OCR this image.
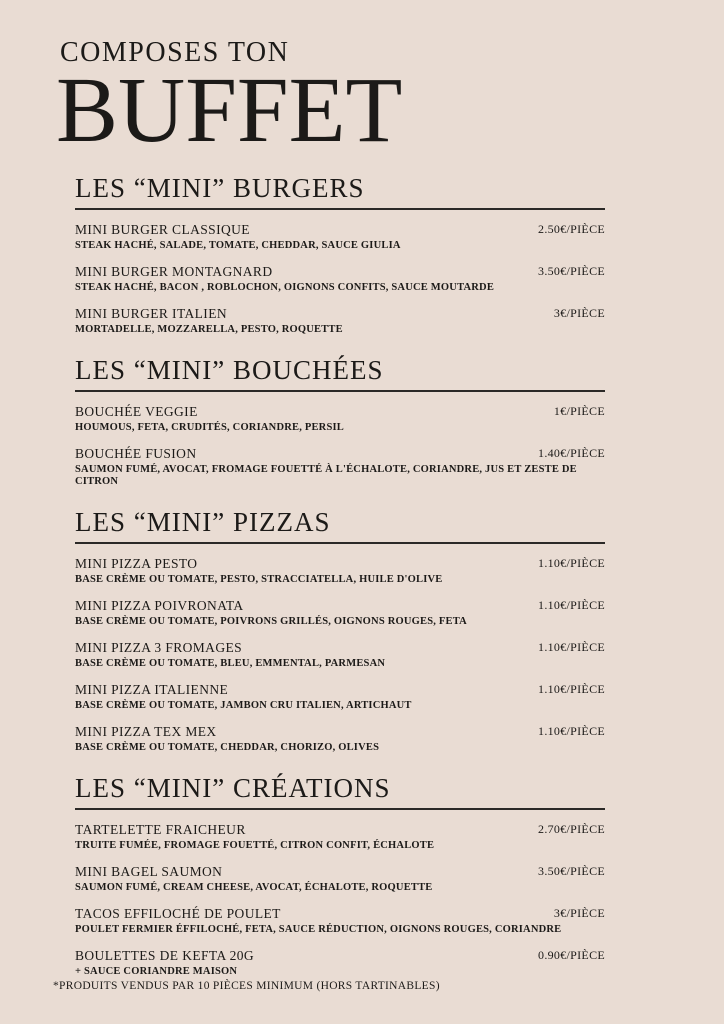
COMPOSES TON
BUFFET
LES “MINI” BURGERS
MINI BURGER CLASSIQUE	2.50€/PIÈCE
STEAK HACHÉ, SALADE, TOMATE, CHEDDAR, SAUCE GIULIA
MINI BURGER MONTAGNARD	3.50€/PIÈCE
STEAK HACHÉ, BACON , ROBLOCHON, OIGNONS CONFITS, SAUCE MOUTARDE
MINI BURGER ITALIEN	3€/PIÈCE
MORTADELLE, MOZZARELLA, PESTO, ROQUETTE
LES “MINI” BOUCHÉES
BOUCHÉE VEGGIE	1€/PIÈCE
HOUMOUS, FETA, CRUDITÉS, CORIANDRE, PERSIL
BOUCHÉE FUSION	1.40€/PIÈCE
SAUMON FUMÉ, AVOCAT, FROMAGE FOUETTÉ À L'ÉCHALOTE, CORIANDRE, JUS ET ZESTE DE CITRON
LES “MINI” PIZZAS
MINI PIZZA PESTO	1.10€/PIÈCE
BASE CRÈME OU TOMATE, PESTO, STRACCIATELLA, HUILE D'OLIVE
MINI PIZZA POIVRONATA	1.10€/PIÈCE
BASE CRÈME OU TOMATE, POIVRONS GRILLÉS, OIGNONS ROUGES, FETA
MINI PIZZA 3 FROMAGES	1.10€/PIÈCE
BASE CRÈME OU TOMATE, BLEU, EMMENTAL, PARMESAN
MINI PIZZA ITALIENNE	1.10€/PIÈCE
BASE CRÈME OU TOMATE, JAMBON CRU ITALIEN, ARTICHAUT
MINI PIZZA TEX MEX	1.10€/PIÈCE
BASE CRÈME OU TOMATE, CHEDDAR, CHORIZO, OLIVES
LES “MINI” CRÉATIONS
TARTELETTE FRAICHEUR	2.70€/PIÈCE
TRUITE FUMÉE, FROMAGE FOUETTÉ, CITRON CONFIT, ÉCHALOTE
MINI BAGEL SAUMON	3.50€/PIÈCE
SAUMON FUMÉ, CREAM CHEESE, AVOCAT, ÉCHALOTE, ROQUETTE
TACOS EFFILOCHÉ DE POULET	3€/PIÈCE
POULET FERMIER ÉFFILOCHÉ, FETA, SAUCE RÉDUCTION, OIGNONS ROUGES, CORIANDRE
BOULETTES DE KEFTA 20G	0.90€/PIÈCE
+ SAUCE CORIANDRE MAISON
*PRODUITS VENDUS PAR 10 PIÈCES MINIMUM (HORS TARTINABLES)
